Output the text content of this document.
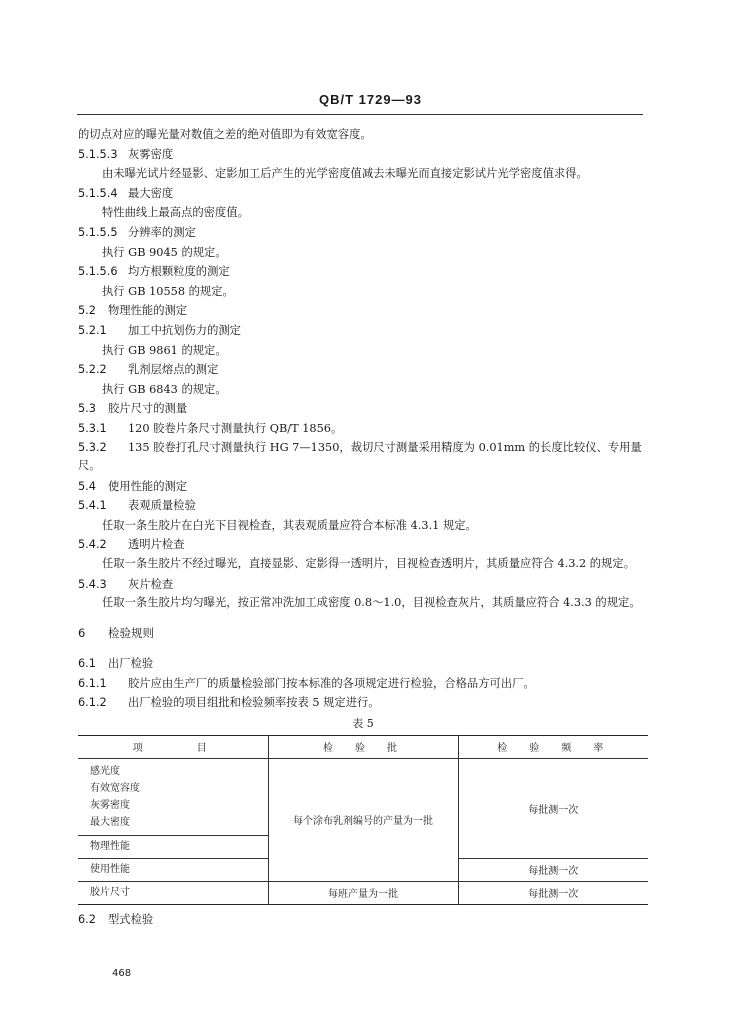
QB/T 1729—93
的切点对应的曝光量对数值之差的绝对值即为有效宽容度。
5.1.5.3 灰雾密度
由未曝光试片经显影、定影加工后产生的光学密度值减去未曝光而直接定影试片光学密度值求得。
5.1.5.4 最大密度
特性曲线上最高点的密度值。
5.1.5.5 分辨率的测定
执行 GB 9045 的规定。
5.1.5.6 均方根颗粒度的测定
执行 GB 10558 的规定。
5.2 物理性能的测定
5.2.1 加工中抗划伤力的测定
执行 GB 9861 的规定。
5.2.2 乳剂层熔点的测定
执行 GB 6843 的规定。
5.3 胶片尺寸的测量
5.3.1 120 胶卷片条尺寸测量执行 QB/T 1856。
5.3.2 135 胶卷打孔尺寸测量执行 HG 7—1350，裁切尺寸测量采用精度为 0.01mm 的长度比较仪、专用量尺。
5.4 使用性能的测定
5.4.1 表观质量检验
任取一条生胶片在白光下目视检查，其表观质量应符合本标准 4.3.1 规定。
5.4.2 透明片检查
任取一条生胶片不经过曝光，直接显影、定影得一透明片，目视检查透明片，其质量应符合 4.3.2 的规定。
5.4.3 灰片检查
任取一条生胶片均匀曝光，按正常冲洗加工成密度 0.8～1.0，目视检查灰片，其质量应符合 4.3.3 的规定。
6 检验规则
6.1 出厂检验
6.1.1 胶片应由生产厂的质量检验部门按本标准的各项规定进行检验，合格品方可出厂。
6.1.2 出厂检验的项目组批和检验频率按表 5 规定进行。
表 5
项　　　目	检　验　批	检　验　频　率

感光度
有效宽容度
灰雾密度
最大密度	每个涂布乳剂编号的产量为一批	每批测一次

物理性能		

使用性能		每批测一次

胶片尺寸	每班产量为一批	每批测一次
6.2 型式检验
468
